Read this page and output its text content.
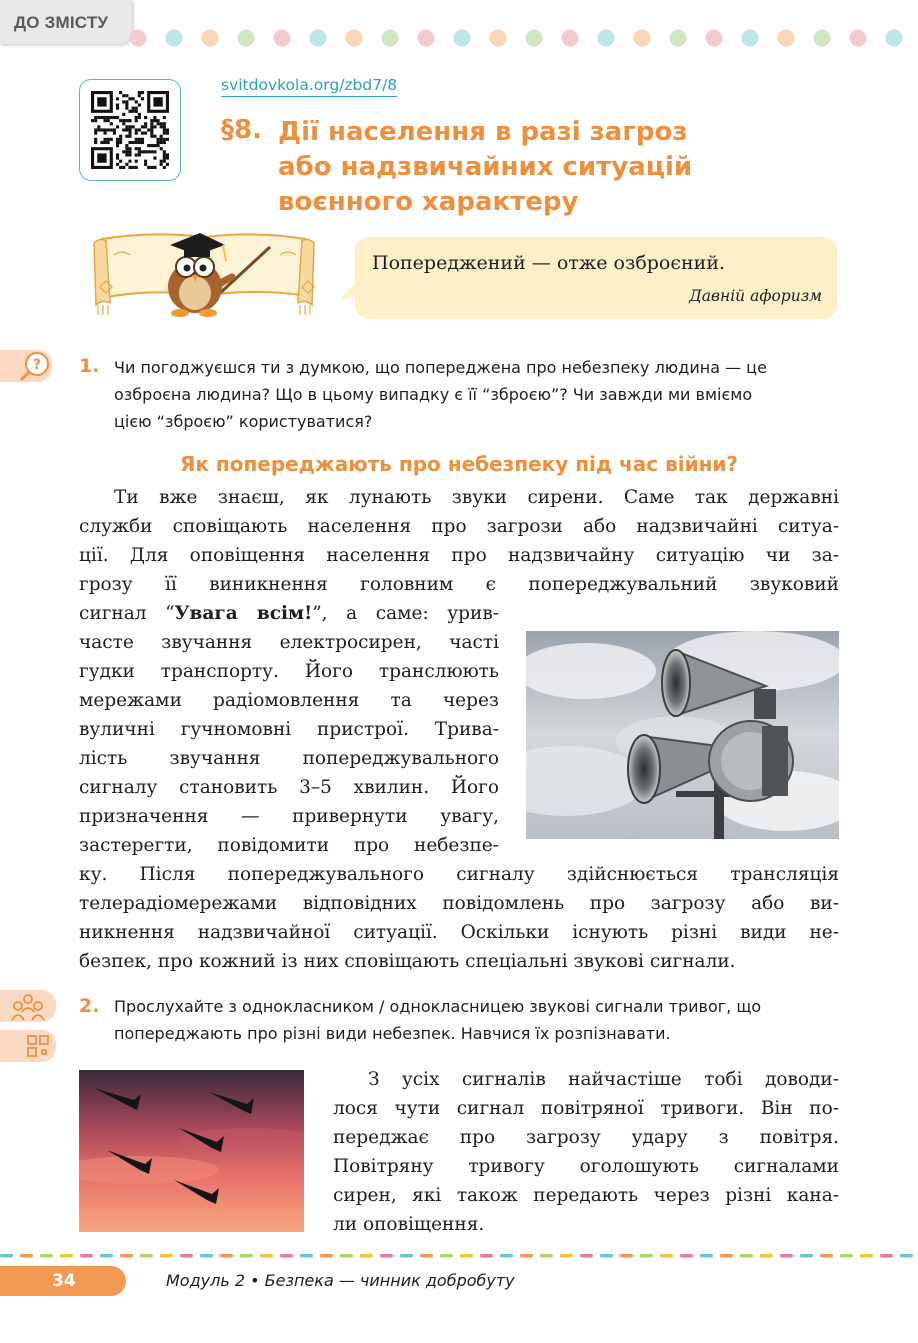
ДО ЗМІСТУ
svitdovkola.org/zbd7/8
§8. Дії населення в разі загроз
або надзвичайних ситуацій
воєнного характеру
Попереджений — отже озброєний.
Давній афоризм
? 1. Чи погоджуєшся ти з думкою, що попереджена про небезпеку людина — це
озброєна людина? Що в цьому випадку є її “зброєю”? Чи завжди ми вміємо
цією “зброєю” користуватися?
Як попереджають про небезпеку під час війни?
Ти вже знаєш, як лунають звуки сирени. Саме так державні
служби сповіщають населення про загрози або надзвичайні ситуа-
ції. Для оповіщення населення про надзвичайну ситуацію чи за-
грозу її виникнення головним є попереджувальний звуковий
сигнал “Увага всім!”, а саме: урив-
часте звучання електросирен, часті
гудки транспорту. Його транслюють
мережами радіомовлення та через
вуличні гучномовні пристрої. Трива-
лість звучання попереджувального
сигналу становить 3–5 хвилин. Його
призначення — привернути увагу,
застерегти, повідомити про небезпе-
ку. Після попереджувального сигналу здійснюється трансляція
телерадіомережами відповідних повідомлень про загрозу або ви-
никнення надзвичайної ситуації. Оскільки існують різні види не-
безпек, про кожний із них сповіщають спеціальні звукові сигнали.
2. Прослухайте з однокласником / однокласницею звукові сигнали тривог, що
попереджають про різні види небезпек. Навчися їх розпізнавати.
З усіх сигналів найчастіше тобі доводи-
лося чути сигнал повітряної тривоги. Він по-
переджає про загрозу удару з повітря.
Повітряну тривогу оголошують сигналами
сирен, які також передають через різні кана-
ли оповіщення.
34	Модуль 2 • Безпека — чинник добробуту
